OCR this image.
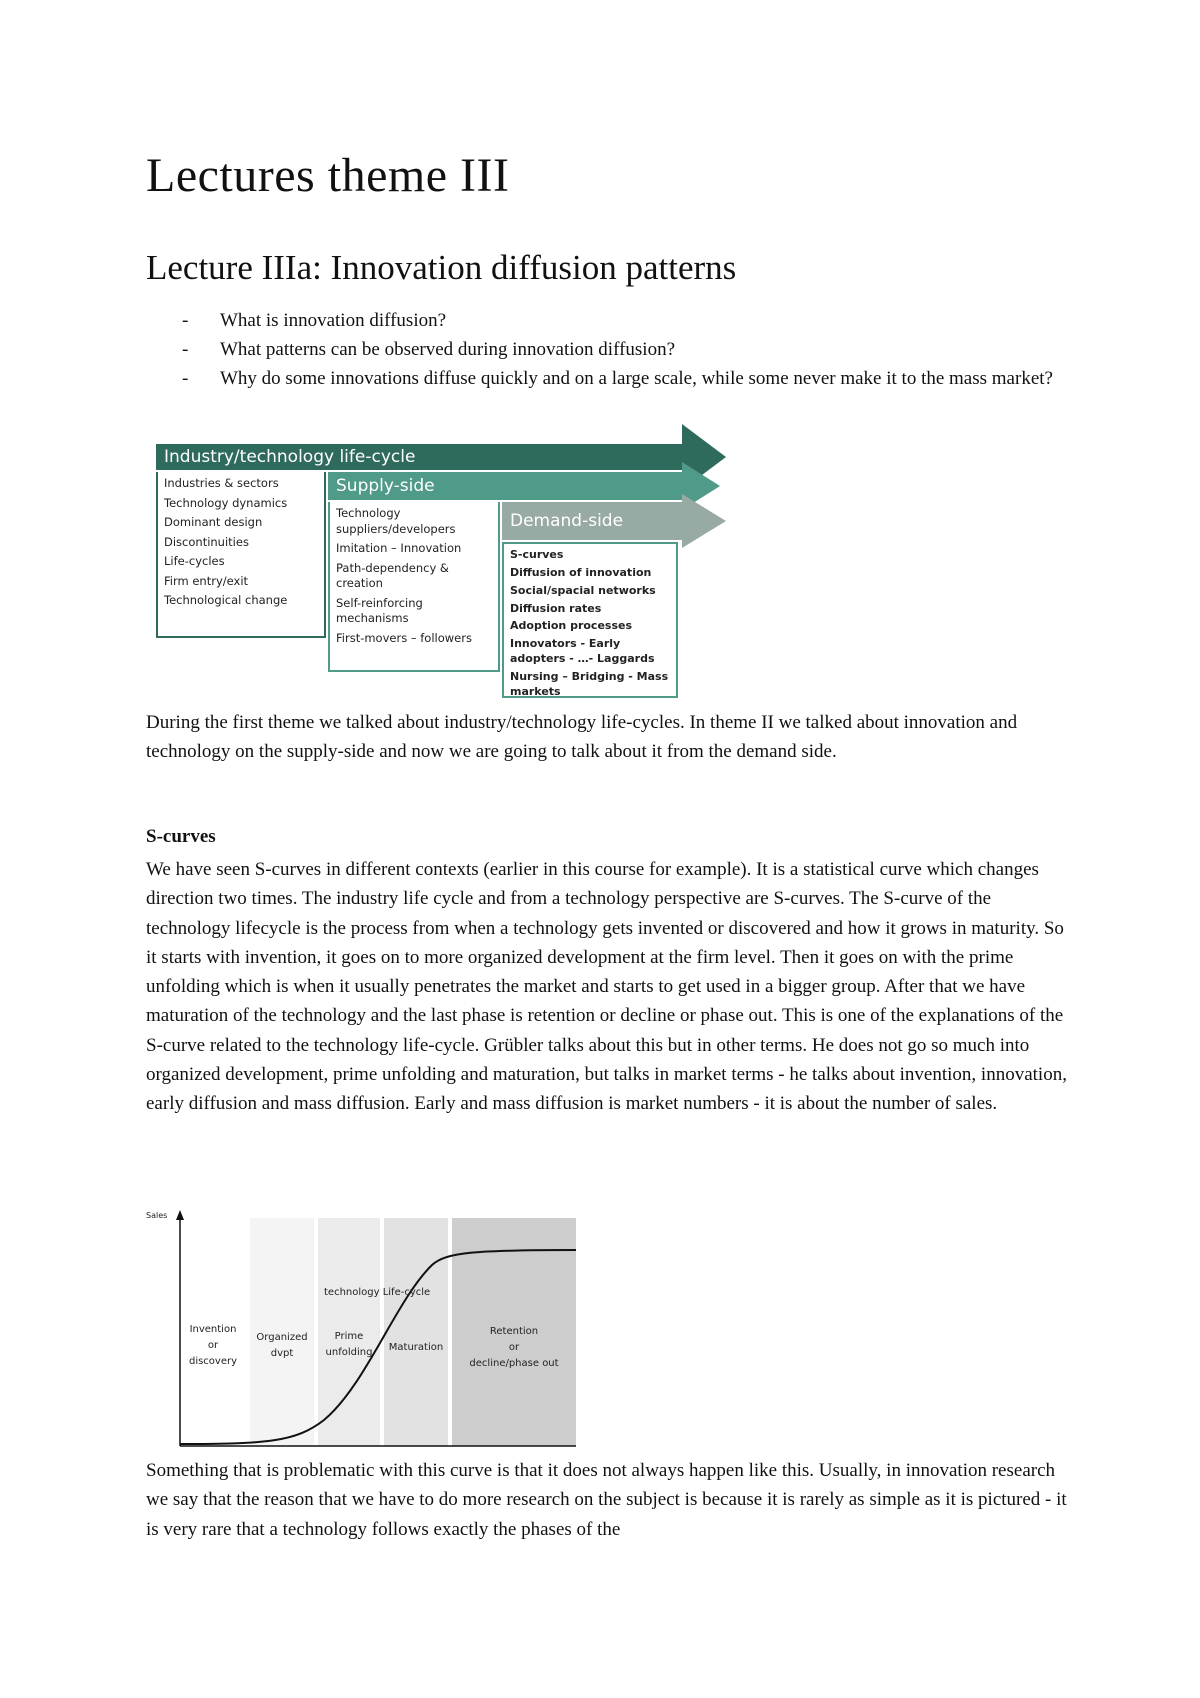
Lectures theme III
Lecture IIIa: Innovation diffusion patterns
- What is innovation diffusion?
- What patterns can be observed during innovation diffusion?
- Why do some innovations diffuse quickly and on a large scale, while some never make it to the mass market?
Industry/technology life-cycle
Supply-side
Demand-side
Industries & sectors
Technology dynamics
Dominant design
Discontinuities
Life-cycles
Firm entry/exit
Technological change
Technology suppliers/developers
Imitation – Innovation
Path-dependency & creation
Self-reinforcing mechanisms
First-movers – followers
S-curves
Diffusion of innovation
Social/spacial networks
Diffusion rates
Adoption processes
Innovators - Early adopters - …- Laggards
Nursing – Bridging - Mass markets

During the first theme we talked about industry/technology life-cycles. In theme II we talked about innovation and technology on the supply-side and now we are going to talk about it from the demand side.

S-curves

We have seen S-curves in different contexts (earlier in this course for example). It is a statistical curve which changes direction two times. The industry life cycle and from a technology perspective are S-curves. The S-curve of the technology lifecycle is the process from when a technology gets invented or discovered and how it grows in maturity. So it starts with invention, it goes on to more organized development at the firm level. Then it goes on with the prime unfolding which is when it usually penetrates the market and starts to get used in a bigger group. After that we have maturation of the technology and the last phase is retention or decline or phase out. This is one of the explanations of the S-curve related to the technology life-cycle. Grübler talks about this but in other terms. He does not go so much into organized development, prime unfolding and maturation, but talks in market terms - he talks about invention, innovation, early diffusion and mass diffusion. Early and mass diffusion is market numbers - it is about the number of sales.

Sales
technology Life-cycle
Invention
or
discovery
Organized
dvpt
Prime
unfolding Maturation
Retention
or
decline/phase out

Something that is problematic with this curve is that it does not always happen like this. Usually, in innovation research we say that the reason that we have to do more research on the subject is because it is rarely as simple as it is pictured - it is very rare that a technology follows exactly the phases of the
